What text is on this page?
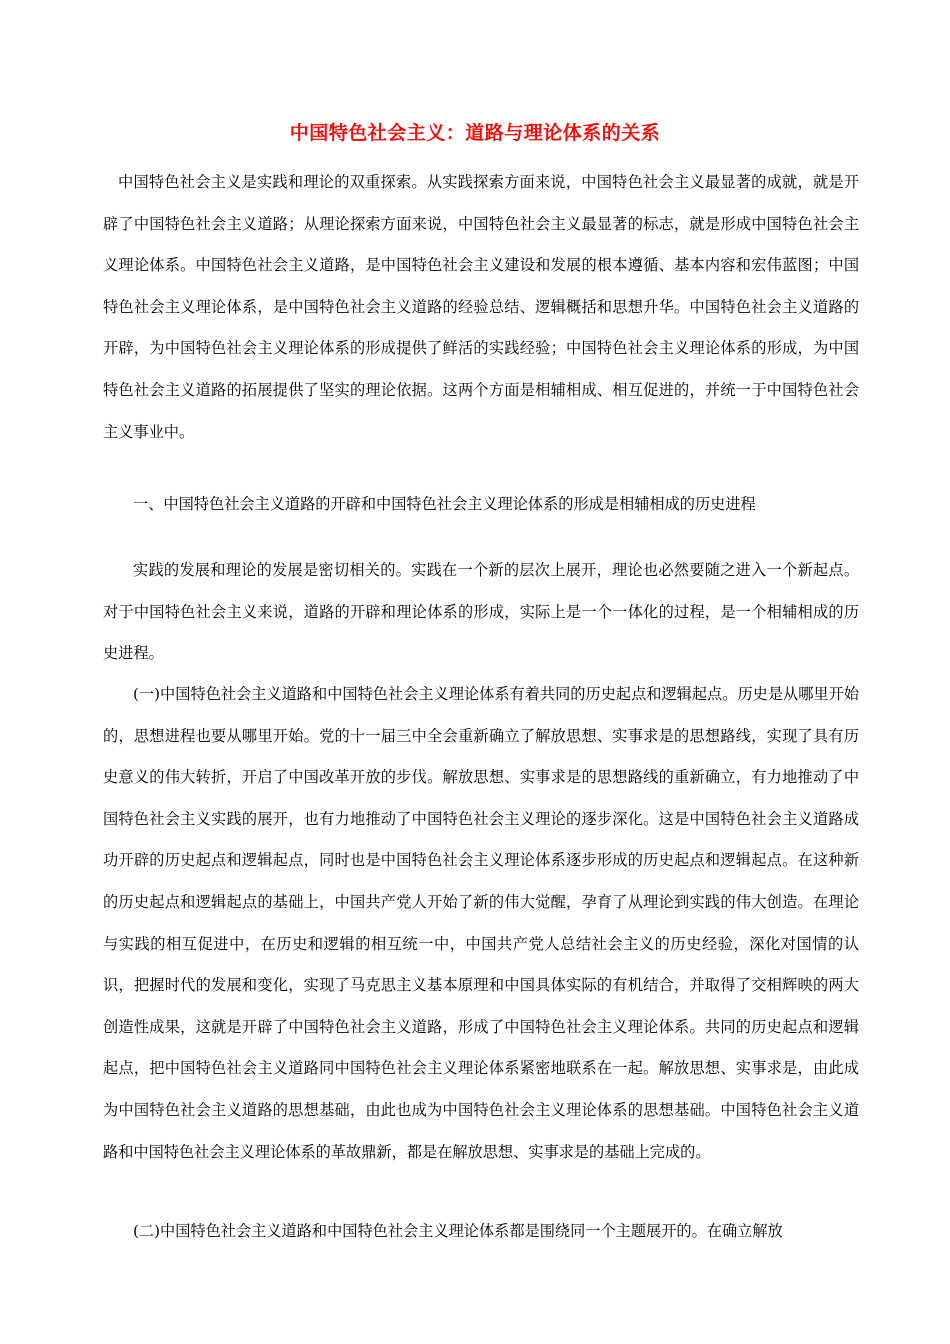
中国特色社会主义：道路与理论体系的关系

中国特色社会主义是实践和理论的双重探索。从实践探索方面来说，中国特色社会主义最显著的成就，就是开辟了中国特色社会主义道路；从理论探索方面来说，中国特色社会主义最显著的标志，就是形成中国特色社会主义理论体系。中国特色社会主义道路，是中国特色社会主义建设和发展的根本遵循、基本内容和宏伟蓝图；中国特色社会主义理论体系，是中国特色社会主义道路的经验总结、逻辑概括和思想升华。中国特色社会主义道路的开辟，为中国特色社会主义理论体系的形成提供了鲜活的实践经验；中国特色社会主义理论体系的形成，为中国特色社会主义道路的拓展提供了坚实的理论依据。这两个方面是相辅相成、相互促进的，并统一于中国特色社会主义事业中。

一、中国特色社会主义道路的开辟和中国特色社会主义理论体系的形成是相辅相成的历史进程

实践的发展和理论的发展是密切相关的。实践在一个新的层次上展开，理论也必然要随之进入一个新起点。对于中国特色社会主义来说，道路的开辟和理论体系的形成，实际上是一个一体化的过程，是一个相辅相成的历史进程。

(一)中国特色社会主义道路和中国特色社会主义理论体系有着共同的历史起点和逻辑起点。历史是从哪里开始的，思想进程也要从哪里开始。党的十一届三中全会重新确立了解放思想、实事求是的思想路线，实现了具有历史意义的伟大转折，开启了中国改革开放的步伐。解放思想、实事求是的思想路线的重新确立，有力地推动了中国特色社会主义实践的展开，也有力地推动了中国特色社会主义理论的逐步深化。这是中国特色社会主义道路成功开辟的历史起点和逻辑起点，同时也是中国特色社会主义理论体系逐步形成的历史起点和逻辑起点。在这种新的历史起点和逻辑起点的基础上，中国共产党人开始了新的伟大觉醒，孕育了从理论到实践的伟大创造。在理论与实践的相互促进中，在历史和逻辑的相互统一中，中国共产党人总结社会主义的历史经验，深化对国情的认识，把握时代的发展和变化，实现了马克思主义基本原理和中国具体实际的有机结合，并取得了交相辉映的两大创造性成果，这就是开辟了中国特色社会主义道路，形成了中国特色社会主义理论体系。共同的历史起点和逻辑起点，把中国特色社会主义道路同中国特色社会主义理论体系紧密地联系在一起。解放思想、实事求是，由此成为中国特色社会主义道路的思想基础，由此也成为中国特色社会主义理论体系的思想基础。中国特色社会主义道路和中国特色社会主义理论体系的革故鼎新，都是在解放思想、实事求是的基础上完成的。

(二)中国特色社会主义道路和中国特色社会主义理论体系都是围绕同一个主题展开的。在确立解放
